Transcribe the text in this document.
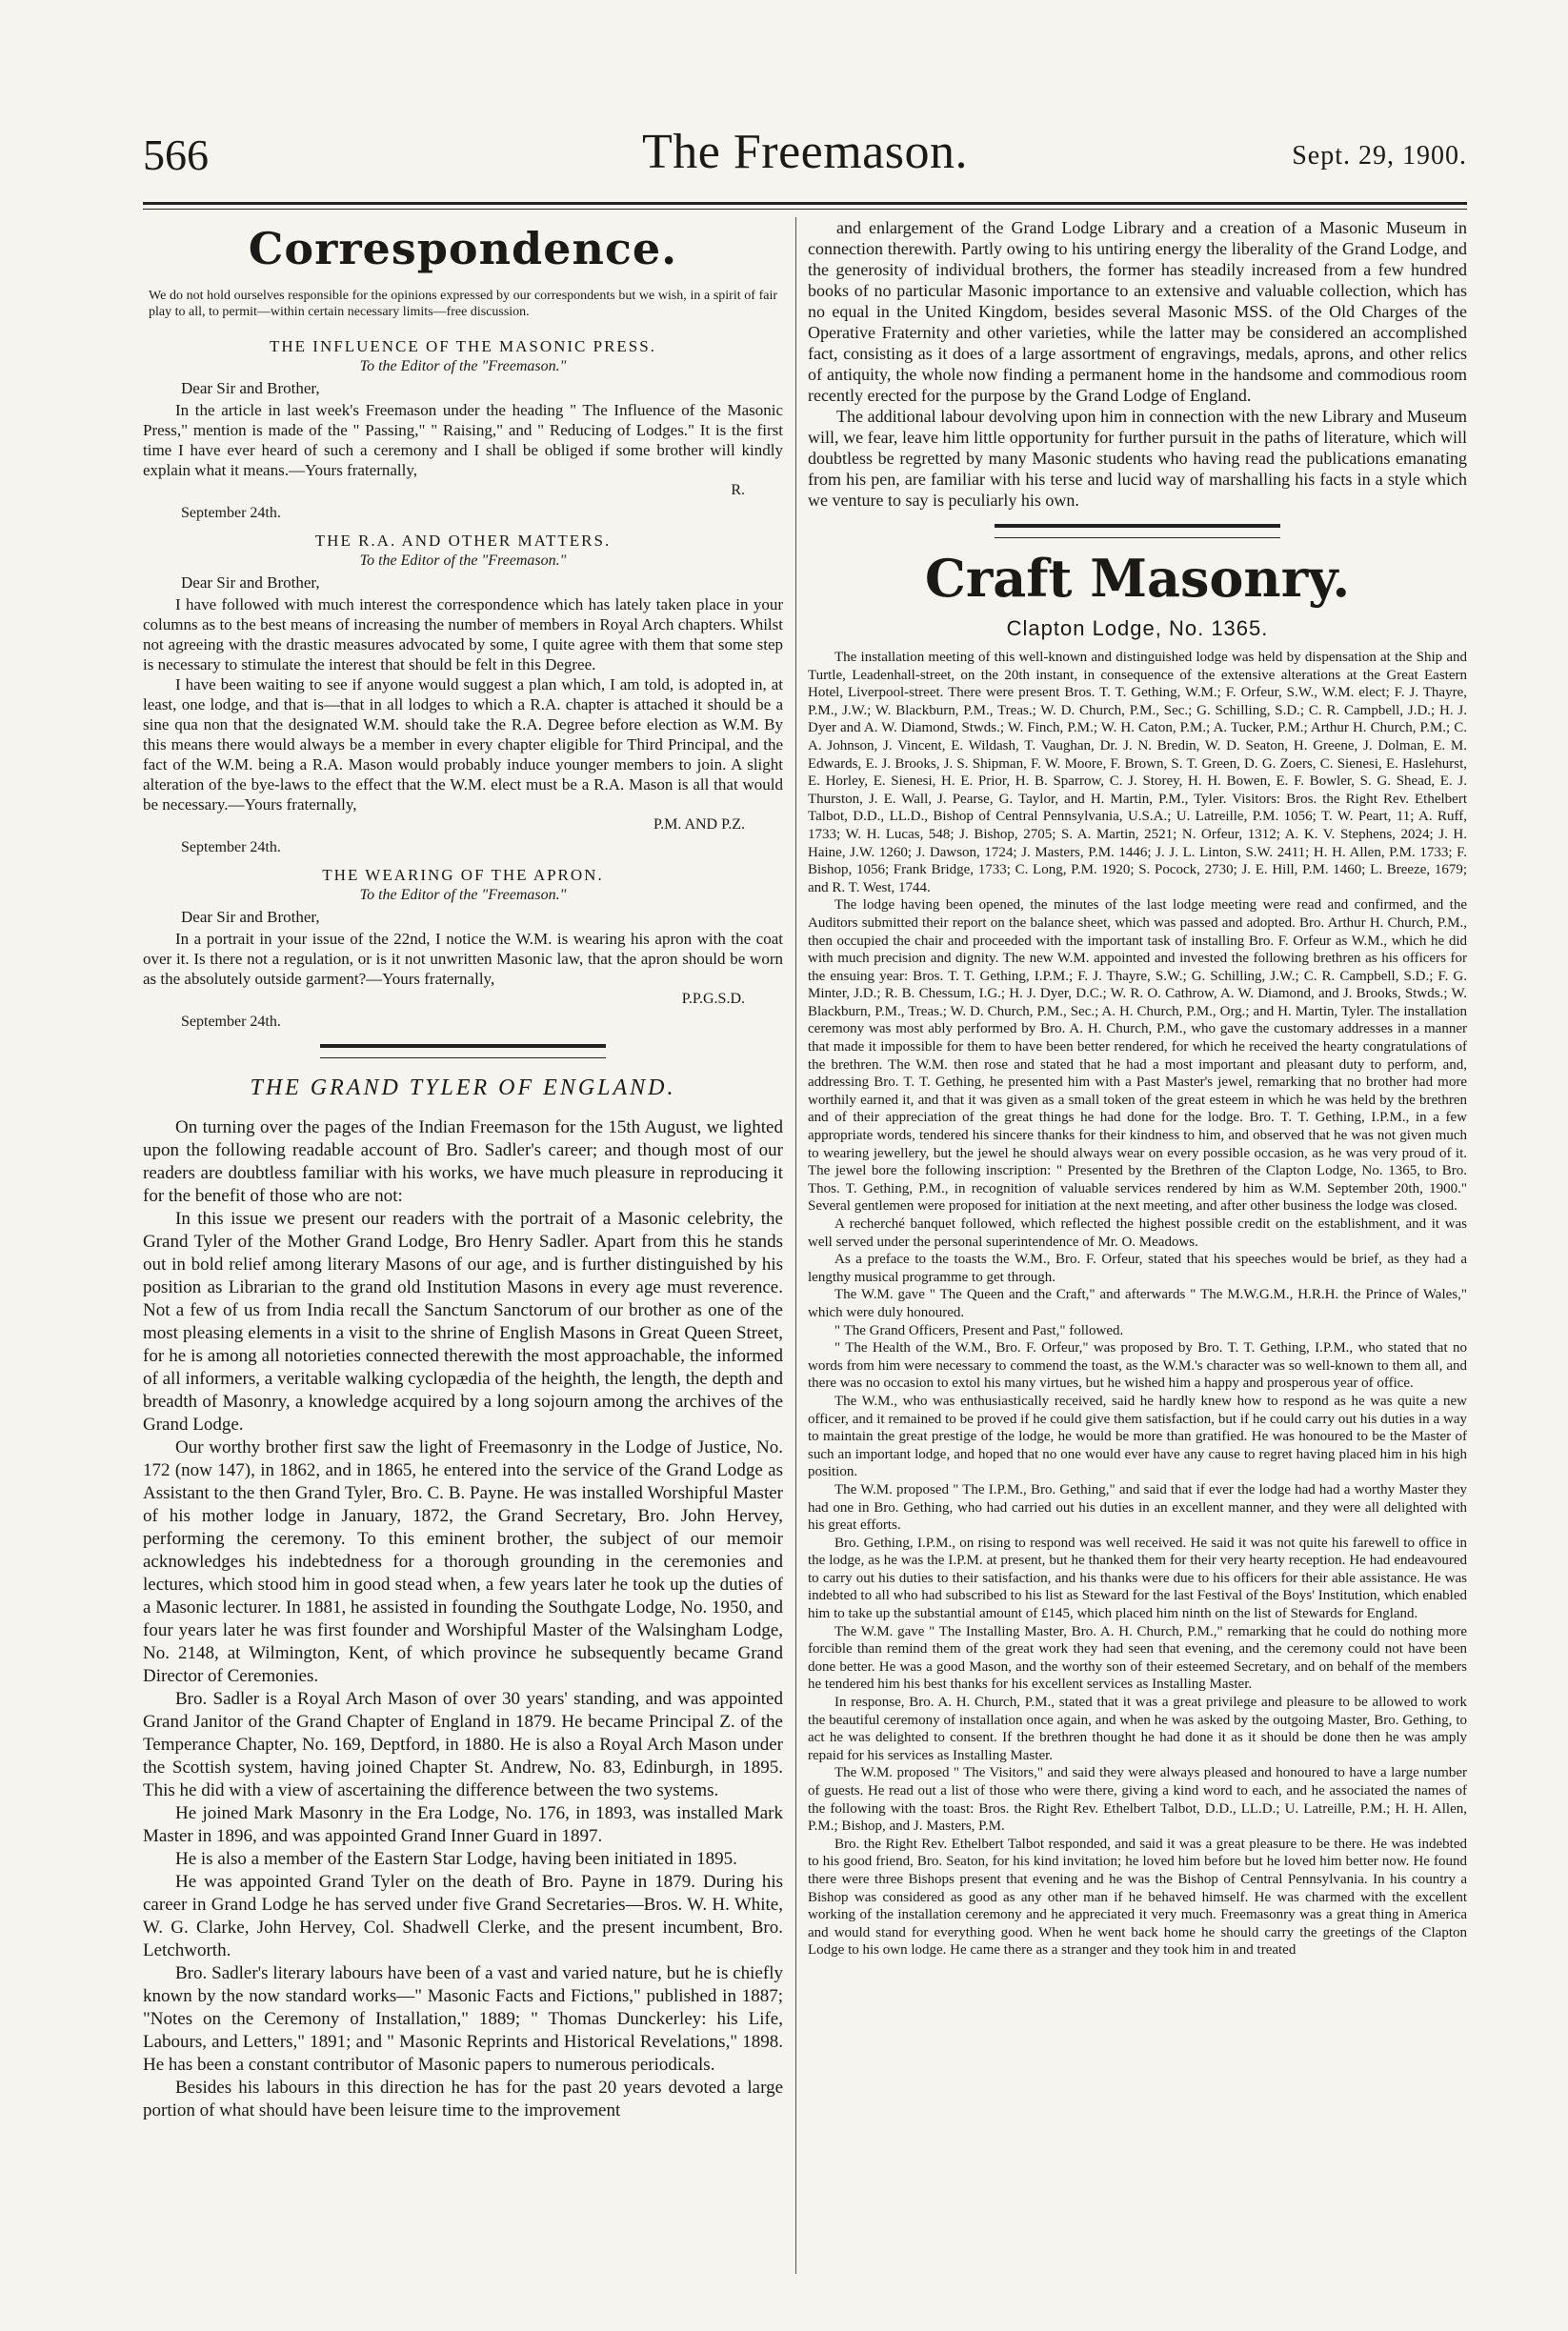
566	The Freemason.	Sept. 29, 1900.
Correspondence.

We do not hold ourselves responsible for the opinions expressed by our correspondents but we wish, in a spirit of fair play to all, to permit—within certain necessary limits—free discussion.

THE INFLUENCE OF THE MASONIC PRESS.
To the Editor of the "Freemason."
Dear Sir and Brother,

In the article in last week's Freemason under the heading " The Influence of the Masonic Press," mention is made of the " Passing," " Raising," and " Reducing of Lodges." It is the first time I have ever heard of such a ceremony and I shall be obliged if some brother will kindly explain what it means.—Yours fraternally,

R.
September 24th.
THE R.A. AND OTHER MATTERS.
To the Editor of the "Freemason."
Dear Sir and Brother,

I have followed with much interest the correspondence which has lately taken place in your columns as to the best means of increasing the number of members in Royal Arch chapters. Whilst not agreeing with the drastic measures advocated by some, I quite agree with them that some step is necessary to stimulate the interest that should be felt in this Degree.

I have been waiting to see if anyone would suggest a plan which, I am told, is adopted in, at least, one lodge, and that is—that in all lodges to which a R.A. chapter is attached it should be a sine qua non that the designated W.M. should take the R.A. Degree before election as W.M. By this means there would always be a member in every chapter eligible for Third Principal, and the fact of the W.M. being a R.A. Mason would probably induce younger members to join. A slight alteration of the bye-laws to the effect that the W.M. elect must be a R.A. Mason is all that would be necessary.—Yours fraternally,

P.M. AND P.Z.
September 24th.
THE WEARING OF THE APRON.
To the Editor of the "Freemason."
Dear Sir and Brother,

In a portrait in your issue of the 22nd, I notice the W.M. is wearing his apron with the coat over it. Is there not a regulation, or is it not unwritten Masonic law, that the apron should be worn as the absolutely outside garment?—Yours fraternally,

P.P.G.S.D.
September 24th.
THE GRAND TYLER OF ENGLAND.

On turning over the pages of the Indian Freemason for the 15th August, we lighted upon the following readable account of Bro. Sadler's career; and though most of our readers are doubtless familiar with his works, we have much pleasure in reproducing it for the benefit of those who are not:

In this issue we present our readers with the portrait of a Masonic celebrity, the Grand Tyler of the Mother Grand Lodge, Bro Henry Sadler. Apart from this he stands out in bold relief among literary Masons of our age, and is further distinguished by his position as Librarian to the grand old Institution Masons in every age must reverence. Not a few of us from India recall the Sanctum Sanctorum of our brother as one of the most pleasing elements in a visit to the shrine of English Masons in Great Queen Street, for he is among all notorieties connected therewith the most approachable, the informed of all informers, a veritable walking cyclopædia of the heighth, the length, the depth and breadth of Masonry, a knowledge acquired by a long sojourn among the archives of the Grand Lodge.

Our worthy brother first saw the light of Freemasonry in the Lodge of Justice, No. 172 (now 147), in 1862, and in 1865, he entered into the service of the Grand Lodge as Assistant to the then Grand Tyler, Bro. C. B. Payne. He was installed Worshipful Master of his mother lodge in January, 1872, the Grand Secretary, Bro. John Hervey, performing the ceremony. To this eminent brother, the subject of our memoir acknowledges his indebtedness for a thorough grounding in the ceremonies and lectures, which stood him in good stead when, a few years later he took up the duties of a Masonic lecturer. In 1881, he assisted in founding the Southgate Lodge, No. 1950, and four years later he was first founder and Worshipful Master of the Walsingham Lodge, No. 2148, at Wilmington, Kent, of which province he subsequently became Grand Director of Ceremonies.

Bro. Sadler is a Royal Arch Mason of over 30 years' standing, and was appointed Grand Janitor of the Grand Chapter of England in 1879. He became Principal Z. of the Temperance Chapter, No. 169, Deptford, in 1880. He is also a Royal Arch Mason under the Scottish system, having joined Chapter St. Andrew, No. 83, Edinburgh, in 1895. This he did with a view of ascertaining the difference between the two systems.

He joined Mark Masonry in the Era Lodge, No. 176, in 1893, was installed Mark Master in 1896, and was appointed Grand Inner Guard in 1897.

He is also a member of the Eastern Star Lodge, having been initiated in 1895.

He was appointed Grand Tyler on the death of Bro. Payne in 1879. During his career in Grand Lodge he has served under five Grand Secretaries—Bros. W. H. White, W. G. Clarke, John Hervey, Col. Shadwell Clerke, and the present incumbent, Bro. Letchworth.

Bro. Sadler's literary labours have been of a vast and varied nature, but he is chiefly known by the now standard works—" Masonic Facts and Fictions," published in 1887; "Notes on the Ceremony of Installation," 1889; " Thomas Dunckerley: his Life, Labours, and Letters," 1891; and " Masonic Reprints and Historical Revelations," 1898. He has been a constant contributor of Masonic papers to numerous periodicals.

Besides his labours in this direction he has for the past 20 years devoted a large portion of what should have been leisure time to the improvement

and enlargement of the Grand Lodge Library and a creation of a Masonic Museum in connection therewith. Partly owing to his untiring energy the liberality of the Grand Lodge, and the generosity of individual brothers, the former has steadily increased from a few hundred books of no particular Masonic importance to an extensive and valuable collection, which has no equal in the United Kingdom, besides several Masonic MSS. of the Old Charges of the Operative Fraternity and other varieties, while the latter may be considered an accomplished fact, consisting as it does of a large assortment of engravings, medals, aprons, and other relics of antiquity, the whole now finding a permanent home in the handsome and commodious room recently erected for the purpose by the Grand Lodge of England.

The additional labour devolving upon him in connection with the new Library and Museum will, we fear, leave him little opportunity for further pursuit in the paths of literature, which will doubtless be regretted by many Masonic students who having read the publications emanating from his pen, are familiar with his terse and lucid way of marshalling his facts in a style which we venture to say is peculiarly his own.

Craft Masonry.
Clapton Lodge, No. 1365.

The installation meeting of this well-known and distinguished lodge was held by dispensation at the Ship and Turtle, Leadenhall-street, on the 20th instant, in consequence of the extensive alterations at the Great Eastern Hotel, Liverpool-street. There were present Bros. T. T. Gething, W.M.; F. Orfeur, S.W., W.M. elect; F. J. Thayre, P.M., J.W.; W. Blackburn, P.M., Treas.; W. D. Church, P.M., Sec.; G. Schilling, S.D.; C. R. Campbell, J.D.; H. J. Dyer and A. W. Diamond, Stwds.; W. Finch, P.M.; W. H. Caton, P.M.; A. Tucker, P.M.; Arthur H. Church, P.M.; C. A. Johnson, J. Vincent, E. Wildash, T. Vaughan, Dr. J. N. Bredin, W. D. Seaton, H. Greene, J. Dolman, E. M. Edwards, E. J. Brooks, J. S. Shipman, F. W. Moore, F. Brown, S. T. Green, D. G. Zoers, C. Sienesi, E. Haslehurst, E. Horley, E. Sienesi, H. E. Prior, H. B. Sparrow, C. J. Storey, H. H. Bowen, E. F. Bowler, S. G. Shead, E. J. Thurston, J. E. Wall, J. Pearse, G. Taylor, and H. Martin, P.M., Tyler. Visitors: Bros. the Right Rev. Ethelbert Talbot, D.D., LL.D., Bishop of Central Pennsylvania, U.S.A.; U. Latreille, P.M. 1056; T. W. Peart, 11; A. Ruff, 1733; W. H. Lucas, 548; J. Bishop, 2705; S. A. Martin, 2521; N. Orfeur, 1312; A. K. V. Stephens, 2024; J. H. Haine, J.W. 1260; J. Dawson, 1724; J. Masters, P.M. 1446; J. J. L. Linton, S.W. 2411; H. H. Allen, P.M. 1733; F. Bishop, 1056; Frank Bridge, 1733; C. Long, P.M. 1920; S. Pocock, 2730; J. E. Hill, P.M. 1460; L. Breeze, 1679; and R. T. West, 1744.

The lodge having been opened, the minutes of the last lodge meeting were read and confirmed, and the Auditors submitted their report on the balance sheet, which was passed and adopted. Bro. Arthur H. Church, P.M., then occupied the chair and proceeded with the important task of installing Bro. F. Orfeur as W.M., which he did with much precision and dignity. The new W.M. appointed and invested the following brethren as his officers for the ensuing year: Bros. T. T. Gething, I.P.M.; F. J. Thayre, S.W.; G. Schilling, J.W.; C. R. Campbell, S.D.; F. G. Minter, J.D.; R. B. Chessum, I.G.; H. J. Dyer, D.C.; W. R. O. Cathrow, A. W. Diamond, and J. Brooks, Stwds.; W. Blackburn, P.M., Treas.; W. D. Church, P.M., Sec.; A. H. Church, P.M., Org.; and H. Martin, Tyler. The installation ceremony was most ably performed by Bro. A. H. Church, P.M., who gave the customary addresses in a manner that made it impossible for them to have been better rendered, for which he received the hearty congratulations of the brethren. The W.M. then rose and stated that he had a most important and pleasant duty to perform, and, addressing Bro. T. T. Gething, he presented him with a Past Master's jewel, remarking that no brother had more worthily earned it, and that it was given as a small token of the great esteem in which he was held by the brethren and of their appreciation of the great things he had done for the lodge. Bro. T. T. Gething, I.P.M., in a few appropriate words, tendered his sincere thanks for their kindness to him, and observed that he was not given much to wearing jewellery, but the jewel he should always wear on every possible occasion, as he was very proud of it. The jewel bore the following inscription: " Presented by the Brethren of the Clapton Lodge, No. 1365, to Bro. Thos. T. Gething, P.M., in recognition of valuable services rendered by him as W.M. September 20th, 1900." Several gentlemen were proposed for initiation at the next meeting, and after other business the lodge was closed.

A recherché banquet followed, which reflected the highest possible credit on the establishment, and it was well served under the personal superintendence of Mr. O. Meadows.

As a preface to the toasts the W.M., Bro. F. Orfeur, stated that his speeches would be brief, as they had a lengthy musical programme to get through.

The W.M. gave " The Queen and the Craft," and afterwards " The M.W.G.M., H.R.H. the Prince of Wales," which were duly honoured.

" The Grand Officers, Present and Past," followed.

" The Health of the W.M., Bro. F. Orfeur," was proposed by Bro. T. T. Gething, I.P.M., who stated that no words from him were necessary to commend the toast, as the W.M.'s character was so well-known to them all, and there was no occasion to extol his many virtues, but he wished him a happy and prosperous year of office.

The W.M., who was enthusiastically received, said he hardly knew how to respond as he was quite a new officer, and it remained to be proved if he could give them satisfaction, but if he could carry out his duties in a way to maintain the great prestige of the lodge, he would be more than gratified. He was honoured to be the Master of such an important lodge, and hoped that no one would ever have any cause to regret having placed him in his high position.

The W.M. proposed " The I.P.M., Bro. Gething," and said that if ever the lodge had had a worthy Master they had one in Bro. Gething, who had carried out his duties in an excellent manner, and they were all delighted with his great efforts.

Bro. Gething, I.P.M., on rising to respond was well received. He said it was not quite his farewell to office in the lodge, as he was the I.P.M. at present, but he thanked them for their very hearty reception. He had endeavoured to carry out his duties to their satisfaction, and his thanks were due to his officers for their able assistance. He was indebted to all who had subscribed to his list as Steward for the last Festival of the Boys' Institution, which enabled him to take up the substantial amount of £145, which placed him ninth on the list of Stewards for England.

The W.M. gave " The Installing Master, Bro. A. H. Church, P.M.," remarking that he could do nothing more forcible than remind them of the great work they had seen that evening, and the ceremony could not have been done better. He was a good Mason, and the worthy son of their esteemed Secretary, and on behalf of the members he tendered him his best thanks for his excellent services as Installing Master.

In response, Bro. A. H. Church, P.M., stated that it was a great privilege and pleasure to be allowed to work the beautiful ceremony of installation once again, and when he was asked by the outgoing Master, Bro. Gething, to act he was delighted to consent. If the brethren thought he had done it as it should be done then he was amply repaid for his services as Installing Master.

The W.M. proposed " The Visitors," and said they were always pleased and honoured to have a large number of guests. He read out a list of those who were there, giving a kind word to each, and he associated the names of the following with the toast: Bros. the Right Rev. Ethelbert Talbot, D.D., LL.D.; U. Latreille, P.M.; H. H. Allen, P.M.; Bishop, and J. Masters, P.M.

Bro. the Right Rev. Ethelbert Talbot responded, and said it was a great pleasure to be there. He was indebted to his good friend, Bro. Seaton, for his kind invitation; he loved him before but he loved him better now. He found there were three Bishops present that evening and he was the Bishop of Central Pennsylvania. In his country a Bishop was considered as good as any other man if he behaved himself. He was charmed with the excellent working of the installation ceremony and he appreciated it very much. Freemasonry was a great thing in America and would stand for everything good. When he went back home he should carry the greetings of the Clapton Lodge to his own lodge. He came there as a stranger and they took him in and treated
